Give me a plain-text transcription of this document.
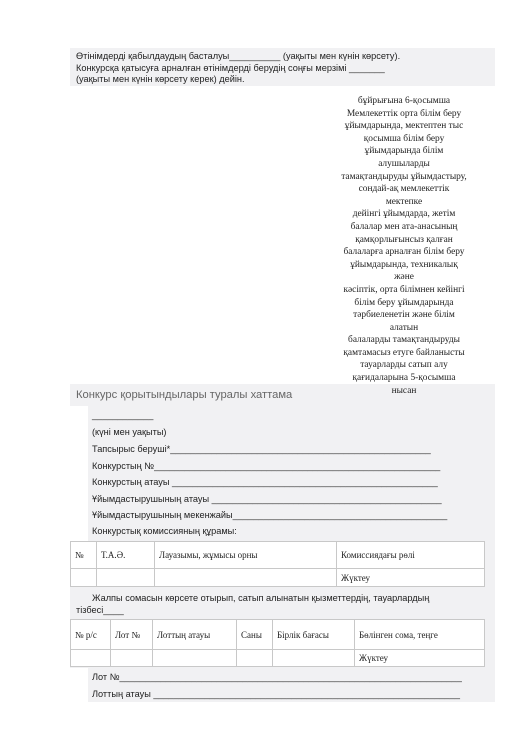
Өтінімдерді қабылдаудың басталуы__________ (уақыты мен күнін көрсету).
Конкурсқа қатысуға арналған өтінімдерді берудің соңғы мерзімі _______
(уақыты мен күнін көрсету керек) дейін.
бұйрығына 6-қосымша
Мемлекеттік орта білім беру
ұйымдарында, мектептен тыс
қосымша білім беру
ұйымдарында білім
алушыларды
тамақтандыруды ұйымдастыру,
сондай-ақ мемлекеттік
мектепке
дейінгі ұйымдарда, жетім
балалар мен ата-анасының
қамқорлығынсыз қалған
балаларға арналған білім беру
ұйымдарында, техникалық
және
кәсіптік, орта білімнен кейінгі
білім беру ұйымдарында
тәрбиеленетін және білім
алатын
балаларды тамақтандыруды
қамтамасыз етуге байланысты
тауарларды сатып алу
қағидаларына 5-қосымша
нысан
Конкурс қорытындылары туралы хаттама
____________
(күні мен уақыты)
Тапсырыс беруші*___________________________________________________
Конкурстың №________________________________________________________
Конкурстың атауы ____________________________________________________
Ұйымдастырушының атауы _____________________________________________
Ұйымдастырушының мекенжайы__________________________________________
Конкурстық комиссияның құрамы:
№	Т.А.Ә.	Лауазымы, жұмысы орны	Комиссиядағы рөлі
			Жүктеу
Жалпы сомасын көрсете отырып, сатып алынатын қызметтердің, тауарлардың
тізбесі____
№ р/с	Лот №	Лоттың атауы	Саны	Бірлік бағасы	Бөлінген сома, теңге
					Жүктеу
Лот №___________________________________________________________________
Лоттың атауы ____________________________________________________________
